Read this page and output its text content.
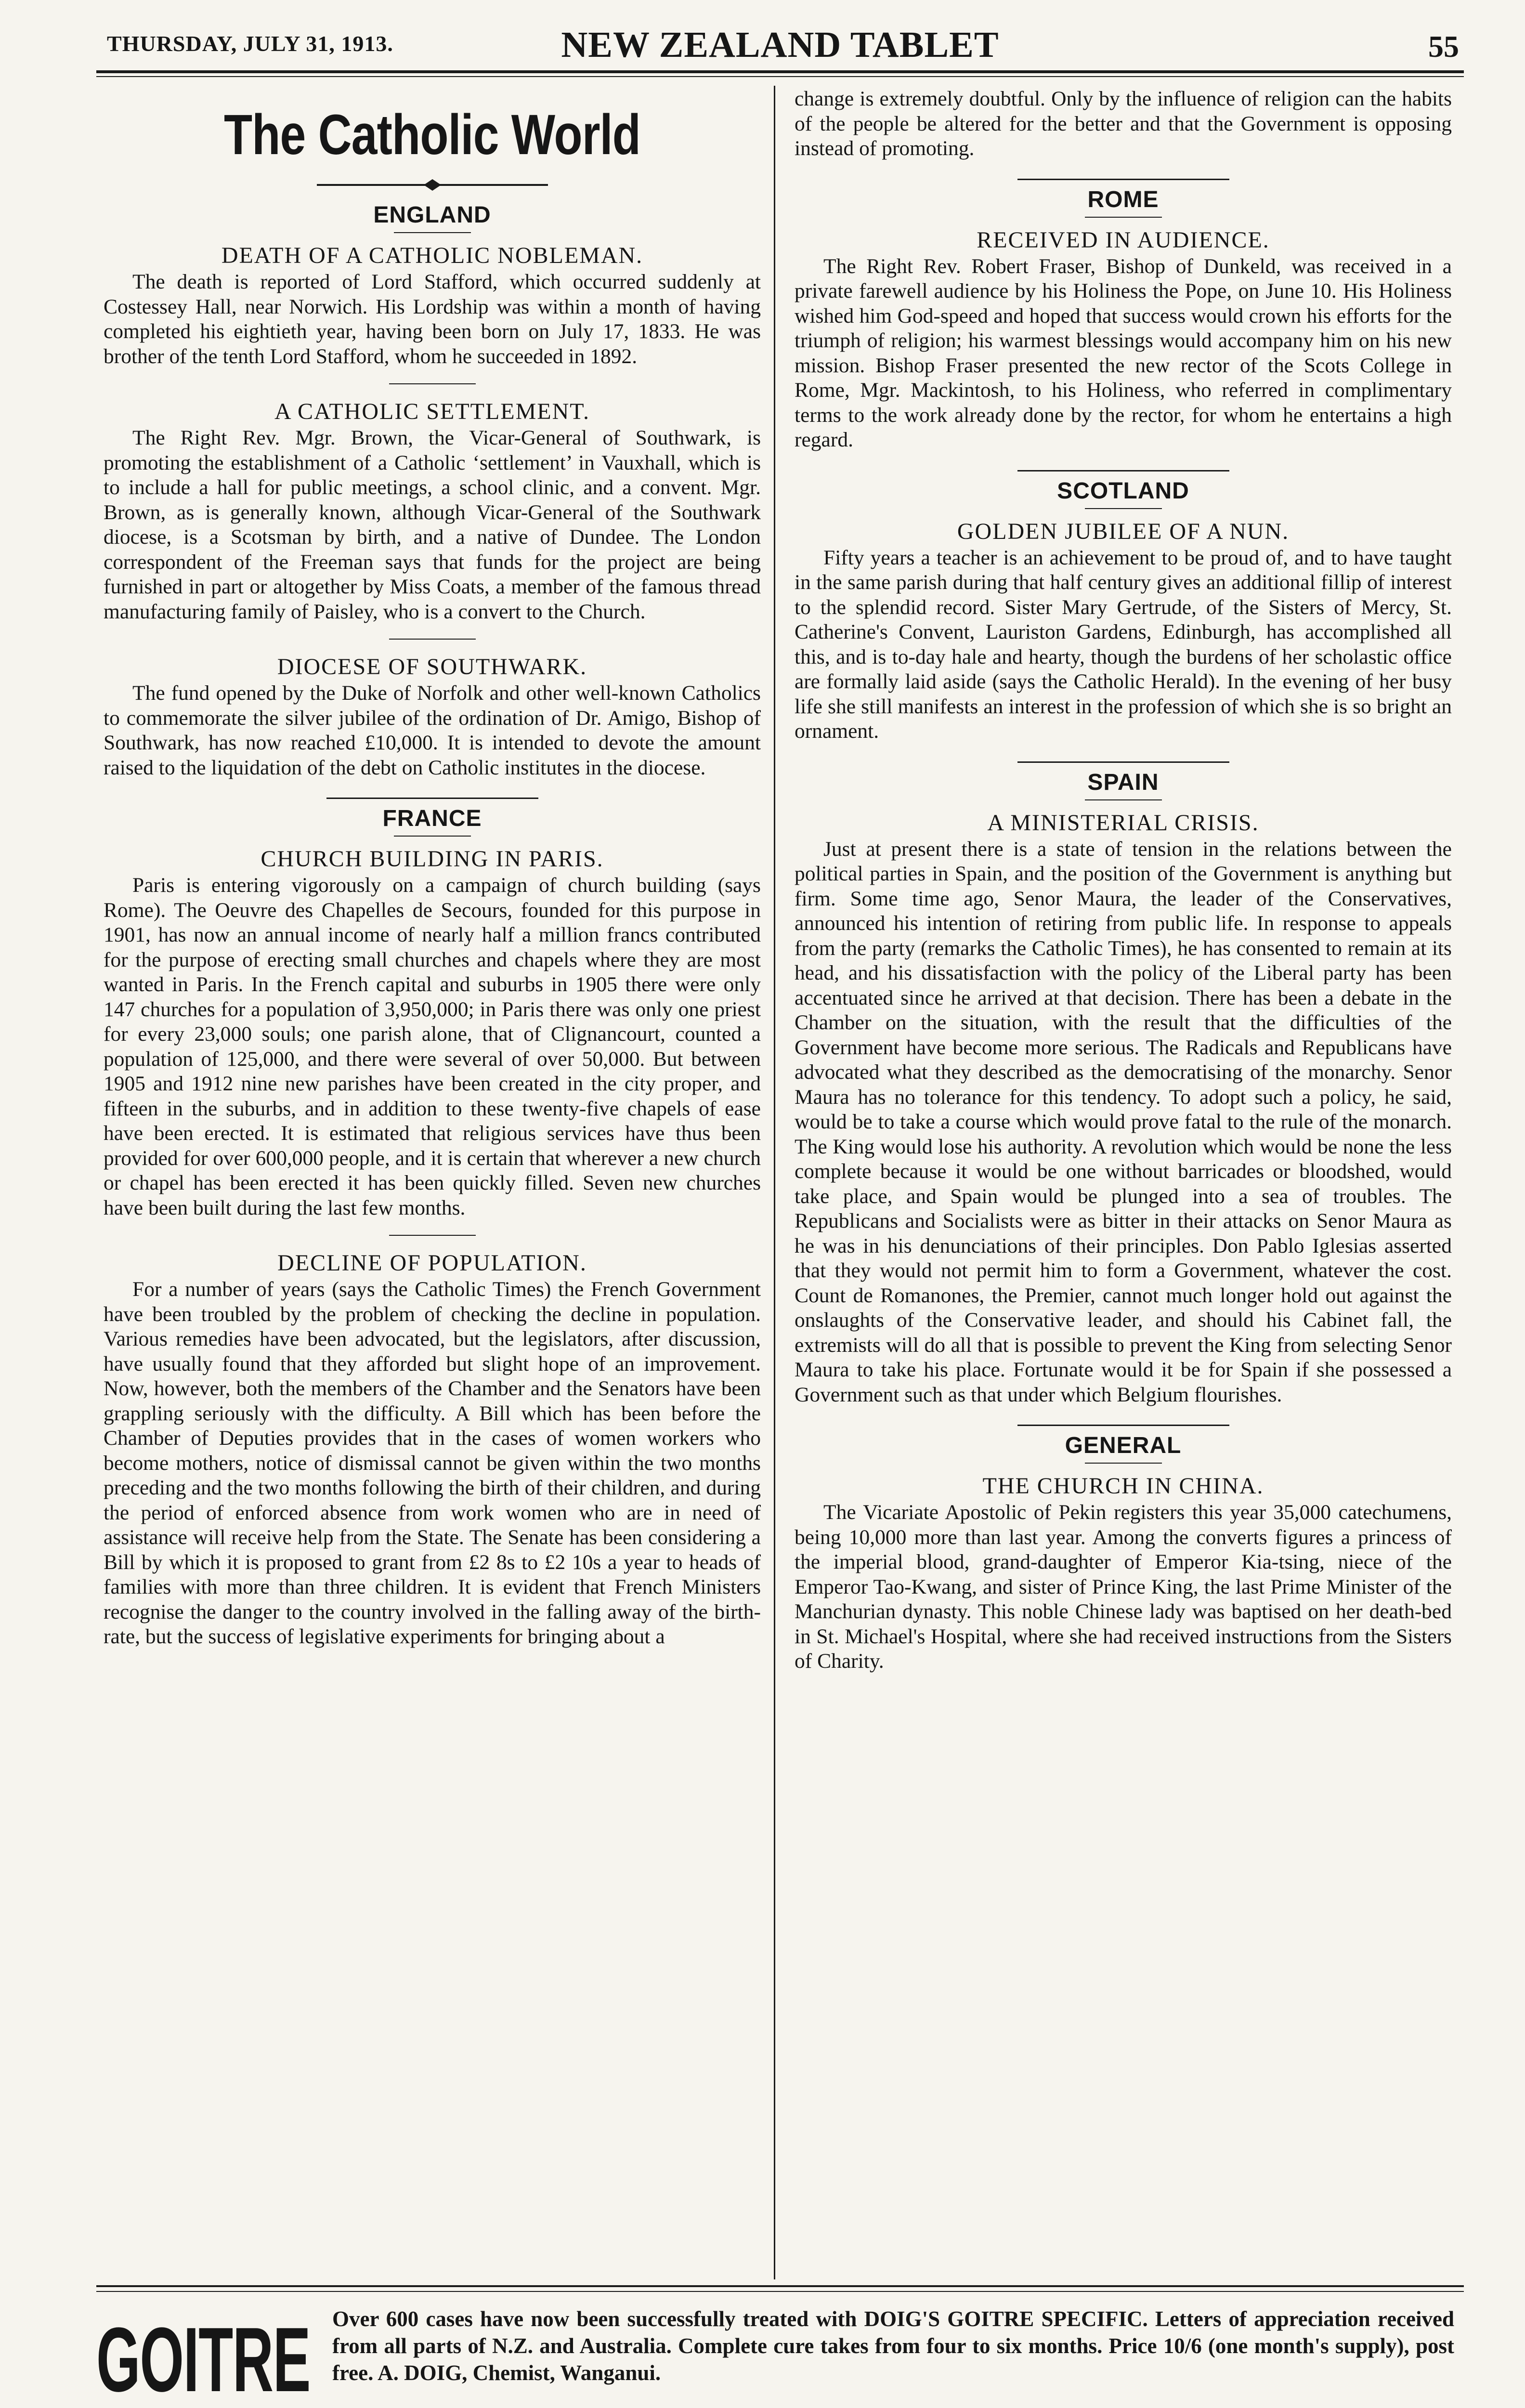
THURSDAY, JULY 31, 1913.	NEW ZEALAND TABLET	55
The Catholic World
ENGLAND
DEATH OF A CATHOLIC NOBLEMAN.

The death is reported of Lord Stafford, which occurred suddenly at Costessey Hall, near Norwich. His Lordship was within a month of having completed his eightieth year, having been born on July 17, 1833. He was brother of the tenth Lord Stafford, whom he succeeded in 1892.

A CATHOLIC SETTLEMENT.

The Right Rev. Mgr. Brown, the Vicar-General of Southwark, is promoting the establishment of a Catholic ‘settlement’ in Vauxhall, which is to include a hall for public meetings, a school clinic, and a convent. Mgr. Brown, as is generally known, although Vicar-General of the Southwark diocese, is a Scotsman by birth, and a native of Dundee. The London correspondent of the Freeman says that funds for the project are being furnished in part or altogether by Miss Coats, a member of the famous thread manufacturing family of Paisley, who is a convert to the Church.

DIOCESE OF SOUTHWARK.

The fund opened by the Duke of Norfolk and other well-known Catholics to commemorate the silver jubilee of the ordination of Dr. Amigo, Bishop of Southwark, has now reached £10,000. It is intended to devote the amount raised to the liquidation of the debt on Catholic institutes in the diocese.

FRANCE
CHURCH BUILDING IN PARIS.

Paris is entering vigorously on a campaign of church building (says Rome). The Oeuvre des Chapelles de Secours, founded for this purpose in 1901, has now an annual income of nearly half a million francs contributed for the purpose of erecting small churches and chapels where they are most wanted in Paris. In the French capital and suburbs in 1905 there were only 147 churches for a population of 3,950,000; in Paris there was only one priest for every 23,000 souls; one parish alone, that of Clignancourt, counted a population of 125,000, and there were several of over 50,000. But between 1905 and 1912 nine new parishes have been created in the city proper, and fifteen in the suburbs, and in addition to these twenty-five chapels of ease have been erected. It is estimated that religious services have thus been provided for over 600,000 people, and it is certain that wherever a new church or chapel has been erected it has been quickly filled. Seven new churches have been built during the last few months.

DECLINE OF POPULATION.

For a number of years (says the Catholic Times) the French Government have been troubled by the problem of checking the decline in population. Various remedies have been advocated, but the legislators, after discussion, have usually found that they afforded but slight hope of an improvement. Now, however, both the members of the Chamber and the Senators have been grappling seriously with the difficulty. A Bill which has been before the Chamber of Deputies provides that in the cases of women workers who become mothers, notice of dismissal cannot be given within the two months preceding and the two months following the birth of their children, and during the period of enforced absence from work women who are in need of assistance will receive help from the State. The Senate has been considering a Bill by which it is proposed to grant from £2 8s to £2 10s a year to heads of families with more than three children. It is evident that French Ministers recognise the danger to the country involved in the falling away of the birth-rate, but the success of legislative experiments for bringing about a

change is extremely doubtful. Only by the influence of religion can the habits of the people be altered for the better and that the Government is opposing instead of promoting.

ROME
RECEIVED IN AUDIENCE.

The Right Rev. Robert Fraser, Bishop of Dunkeld, was received in a private farewell audience by his Holiness the Pope, on June 10. His Holiness wished him God-speed and hoped that success would crown his efforts for the triumph of religion; his warmest blessings would accompany him on his new mission. Bishop Fraser presented the new rector of the Scots College in Rome, Mgr. Mackintosh, to his Holiness, who referred in complimentary terms to the work already done by the rector, for whom he entertains a high regard.

SCOTLAND
GOLDEN JUBILEE OF A NUN.

Fifty years a teacher is an achievement to be proud of, and to have taught in the same parish during that half century gives an additional fillip of interest to the splendid record. Sister Mary Gertrude, of the Sisters of Mercy, St. Catherine's Convent, Lauriston Gardens, Edinburgh, has accomplished all this, and is to-day hale and hearty, though the burdens of her scholastic office are formally laid aside (says the Catholic Herald). In the evening of her busy life she still manifests an interest in the profession of which she is so bright an ornament.

SPAIN
A MINISTERIAL CRISIS.

Just at present there is a state of tension in the relations between the political parties in Spain, and the position of the Government is anything but firm. Some time ago, Senor Maura, the leader of the Conservatives, announced his intention of retiring from public life. In response to appeals from the party (remarks the Catholic Times), he has consented to remain at its head, and his dissatisfaction with the policy of the Liberal party has been accentuated since he arrived at that decision. There has been a debate in the Chamber on the situation, with the result that the difficulties of the Government have become more serious. The Radicals and Republicans have advocated what they described as the democratising of the monarchy. Senor Maura has no tolerance for this tendency. To adopt such a policy, he said, would be to take a course which would prove fatal to the rule of the monarch. The King would lose his authority. A revolution which would be none the less complete because it would be one without barricades or bloodshed, would take place, and Spain would be plunged into a sea of troubles. The Republicans and Socialists were as bitter in their attacks on Senor Maura as he was in his denunciations of their principles. Don Pablo Iglesias asserted that they would not permit him to form a Government, whatever the cost. Count de Romanones, the Premier, cannot much longer hold out against the onslaughts of the Conservative leader, and should his Cabinet fall, the extremists will do all that is possible to prevent the King from selecting Senor Maura to take his place. Fortunate would it be for Spain if she possessed a Government such as that under which Belgium flourishes.

GENERAL
THE CHURCH IN CHINA.

The Vicariate Apostolic of Pekin registers this year 35,000 catechumens, being 10,000 more than last year. Among the converts figures a princess of the imperial blood, grand-daughter of Emperor Kia-tsing, niece of the Emperor Tao-Kwang, and sister of Prince King, the last Prime Minister of the Manchurian dynasty. This noble Chinese lady was baptised on her death-bed in St. Michael's Hospital, where she had received instructions from the Sisters of Charity.

GOITRE Over 600 cases have now been successfully treated with DOIG'S GOITRE SPECIFIC. Letters of appreciation received from all parts of N.Z. and Australia. Complete cure takes from four to six months. Price 10/6 (one month's supply), post free. A. DOIG, Chemist, Wanganui.
